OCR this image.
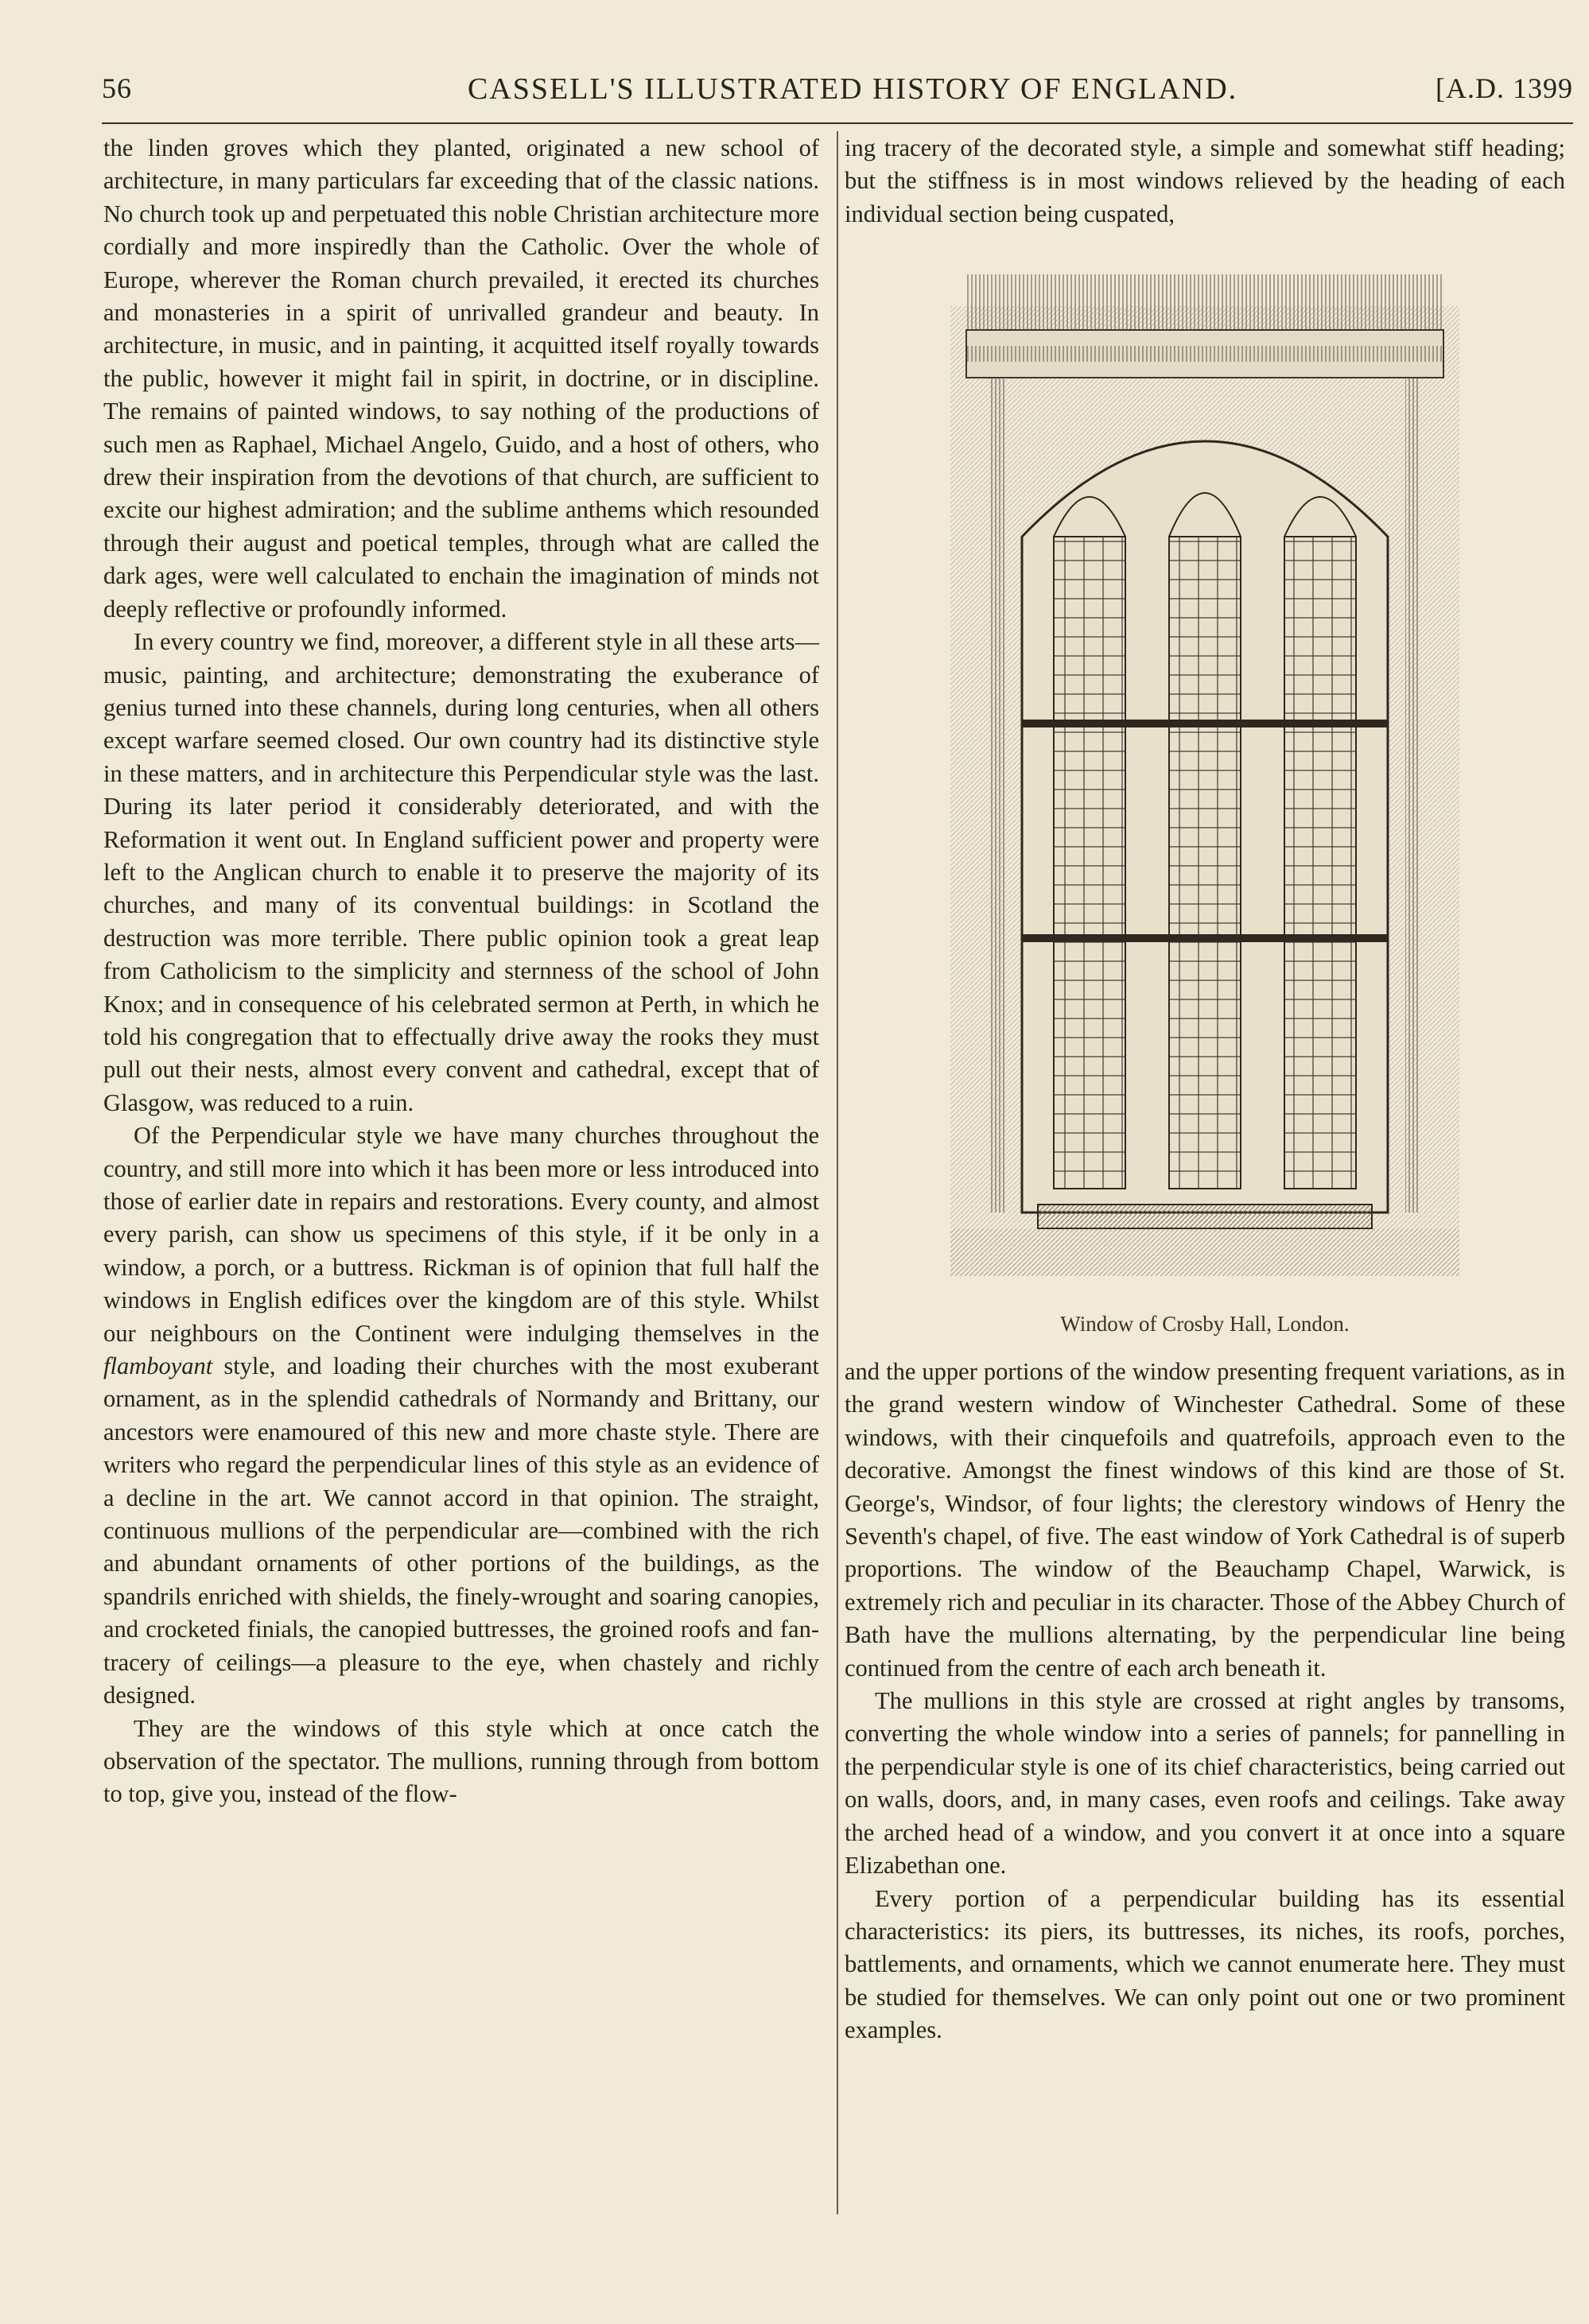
56	CASSELL'S ILLUSTRATED HISTORY OF ENGLAND.	[A.D. 1399

the linden groves which they planted, originated a new school of architecture, in many particulars far exceeding that of the classic nations. No church took up and perpetuated this noble Christian architecture more cordially and more inspiredly than the Catholic. Over the whole of Europe, wherever the Roman church prevailed, it erected its churches and monasteries in a spirit of unrivalled grandeur and beauty. In architecture, in music, and in painting, it acquitted itself royally towards the public, however it might fail in spirit, in doctrine, or in discipline. The remains of painted windows, to say nothing of the productions of such men as Raphael, Michael Angelo, Guido, and a host of others, who drew their inspiration from the devotions of that church, are sufficient to excite our highest admiration; and the sublime anthems which resounded through their august and poetical temples, through what are called the dark ages, were well calculated to enchain the imagination of minds not deeply reflective or profoundly informed.

In every country we find, moreover, a different style in all these arts—music, painting, and architecture; demonstrating the exuberance of genius turned into these channels, during long centuries, when all others except warfare seemed closed. Our own country had its distinctive style in these matters, and in architecture this Perpendicular style was the last. During its later period it considerably deteriorated, and with the Reformation it went out. In England sufficient power and property were left to the Anglican church to enable it to preserve the majority of its churches, and many of its conventual buildings: in Scotland the destruction was more terrible. There public opinion took a great leap from Catholicism to the simplicity and sternness of the school of John Knox; and in consequence of his celebrated sermon at Perth, in which he told his congregation that to effectually drive away the rooks they must pull out their nests, almost every convent and cathedral, except that of Glasgow, was reduced to a ruin.

Of the Perpendicular style we have many churches throughout the country, and still more into which it has been more or less introduced into those of earlier date in repairs and restorations. Every county, and almost every parish, can show us specimens of this style, if it be only in a window, a porch, or a buttress. Rickman is of opinion that full half the windows in English edifices over the kingdom are of this style. Whilst our neighbours on the Continent were indulging themselves in the flamboyant style, and loading their churches with the most exuberant ornament, as in the splendid cathedrals of Normandy and Brittany, our ancestors were enamoured of this new and more chaste style. There are writers who regard the perpendicular lines of this style as an evidence of a decline in the art. We cannot accord in that opinion. The straight, continuous mullions of the perpendicular are—combined with the rich and abundant ornaments of other portions of the buildings, as the spandrils enriched with shields, the finely-wrought and soaring canopies, and crocketed finials, the canopied buttresses, the groined roofs and fan-tracery of ceilings—a pleasure to the eye, when chastely and richly designed.

They are the windows of this style which at once catch the observation of the spectator. The mullions, running through from bottom to top, give you, instead of the flow-

ing tracery of the decorated style, a simple and somewhat stiff heading; but the stiffness is in most windows relieved by the heading of each individual section being cuspated,

Window of Crosby Hall, London.

and the upper portions of the window presenting frequent variations, as in the grand western window of Winchester Cathedral. Some of these windows, with their cinquefoils and quatrefoils, approach even to the decorative. Amongst the finest windows of this kind are those of St. George's, Windsor, of four lights; the clerestory windows of Henry the Seventh's chapel, of five. The east window of York Cathedral is of superb proportions. The window of the Beauchamp Chapel, Warwick, is extremely rich and peculiar in its character. Those of the Abbey Church of Bath have the mullions alternating, by the perpendicular line being continued from the centre of each arch beneath it.

The mullions in this style are crossed at right angles by transoms, converting the whole window into a series of pannels; for pannelling in the perpendicular style is one of its chief characteristics, being carried out on walls, doors, and, in many cases, even roofs and ceilings. Take away the arched head of a window, and you convert it at once into a square Elizabethan one.

Every portion of a perpendicular building has its essential characteristics: its piers, its buttresses, its niches, its roofs, porches, battlements, and ornaments, which we cannot enumerate here. They must be studied for themselves. We can only point out one or two prominent examples.
